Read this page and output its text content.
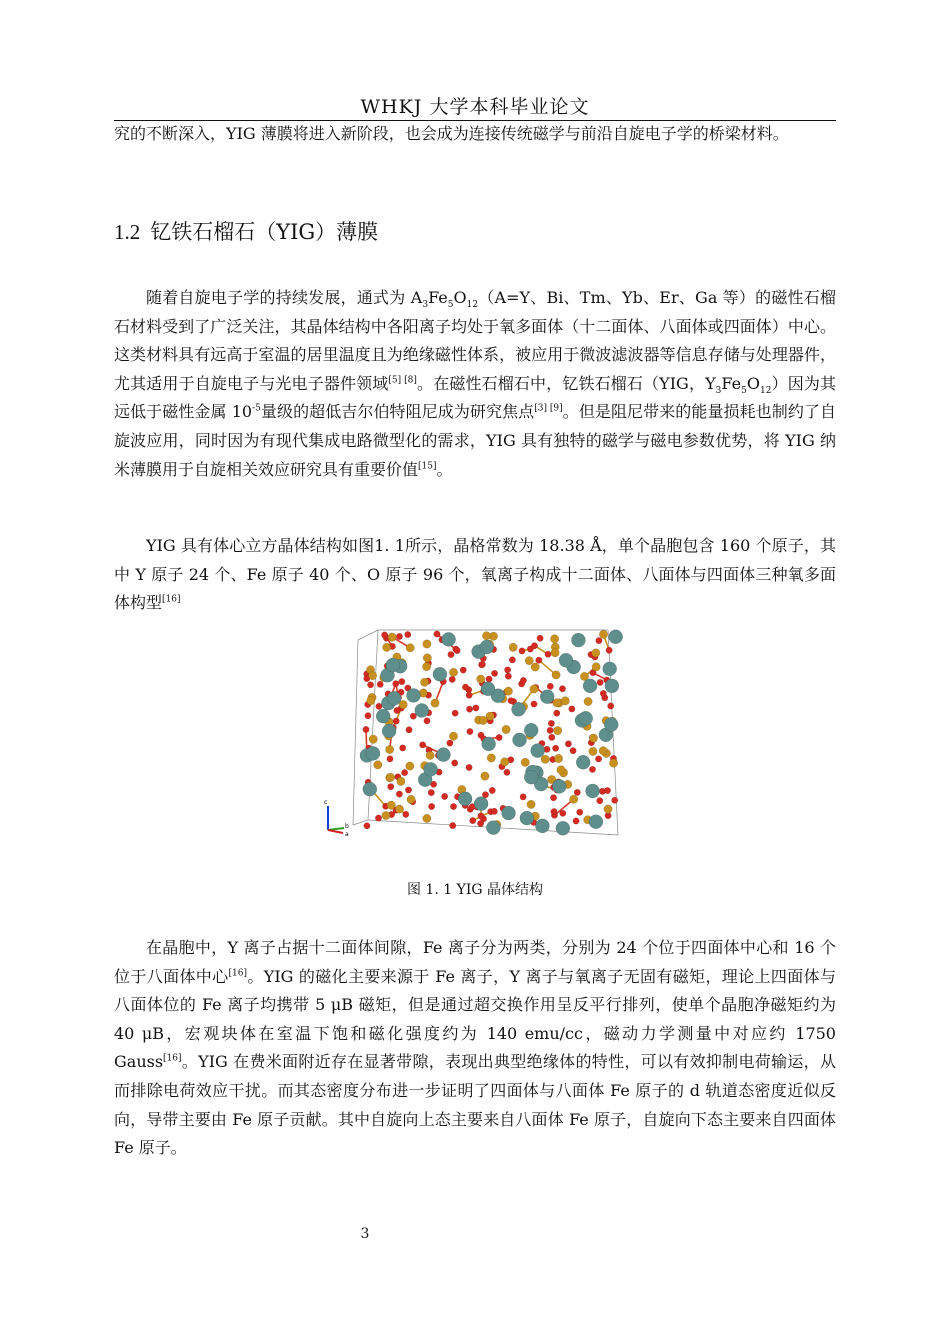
WHKJ 大学本科毕业论文

究的不断深入，YIG 薄膜将进入新阶段，也会成为连接传统磁学与前沿自旋电子学的桥梁材料。

1.2 钇铁石榴石（YIG）薄膜

随着自旋电子学的持续发展，通式为 $A_3Fe_5O_{12}(A=Y$、Bi、Tm、Yb、Er、Ga 等）的磁性石榴石材料受到了广泛关注，其晶体结构中各阳离子均处于氧多面体（十二面体、八面体或四面体）中心。这类材料具有远高于室温的居里温度且为绝缘磁性体系，被应用于微波滤波器等信息存储与处理器件，尤其适用于自旋电子与光电子器件领域[5] [8]。在磁性石榴石中，钇铁石榴石（YIG，$Y_3Fe_5O_{12}$）因为其远低于磁性金属 $10^{-5}$量级的超低吉尔伯特阻尼成为研究焦点[3] [9]。但是阻尼带来的能量损耗也制约了自旋波应用，同时因为有现代集成电路微型化的需求，YIG 具有独特的磁学与磁电参数优势，将 YIG 纳米薄膜用于自旋相关效应研究具有重要价值[15]。

YIG 具有体心立方晶体结构如图1. 1所示，晶格常数为 18.38 Å，单个晶胞包含 160 个原子，其中 Y 原子 24 个、Fe 原子 40 个、O 原子 96 个，氧离子构成十二面体、八面体与四面体三种氧多面体构型[16]

c
b
a
图 1. 1 YIG 晶体结构

在晶胞中，Y 离子占据十二面体间隙，Fe 离子分为两类，分别为 24 个位于四面体中心和 16 个位于八面体中心[16]。YIG 的磁化主要来源于 Fe 离子，Y 离子与氧离子无固有磁矩，理论上四面体与八面体位的 Fe 离子均携带 5 μB 磁矩，但是通过超交换作用呈反平行排列，使单个晶胞净磁矩约为 40 μB，宏观块体在室温下饱和磁化强度约为 140 emu/cc，磁动力学测量中对应约 1750 Gauss[16]。YIG 在费米面附近存在显著带隙，表现出典型绝缘体的特性，可以有效抑制电荷输运，从而排除电荷效应干扰。而其态密度分布进一步证明了四面体与八面体 Fe 原子的 d 轨道态密度近似反向，导带主要由 Fe 原子贡献。其中自旋向上态主要来自八面体 Fe 原子，自旋向下态主要来自四面体 Fe 原子。

3
